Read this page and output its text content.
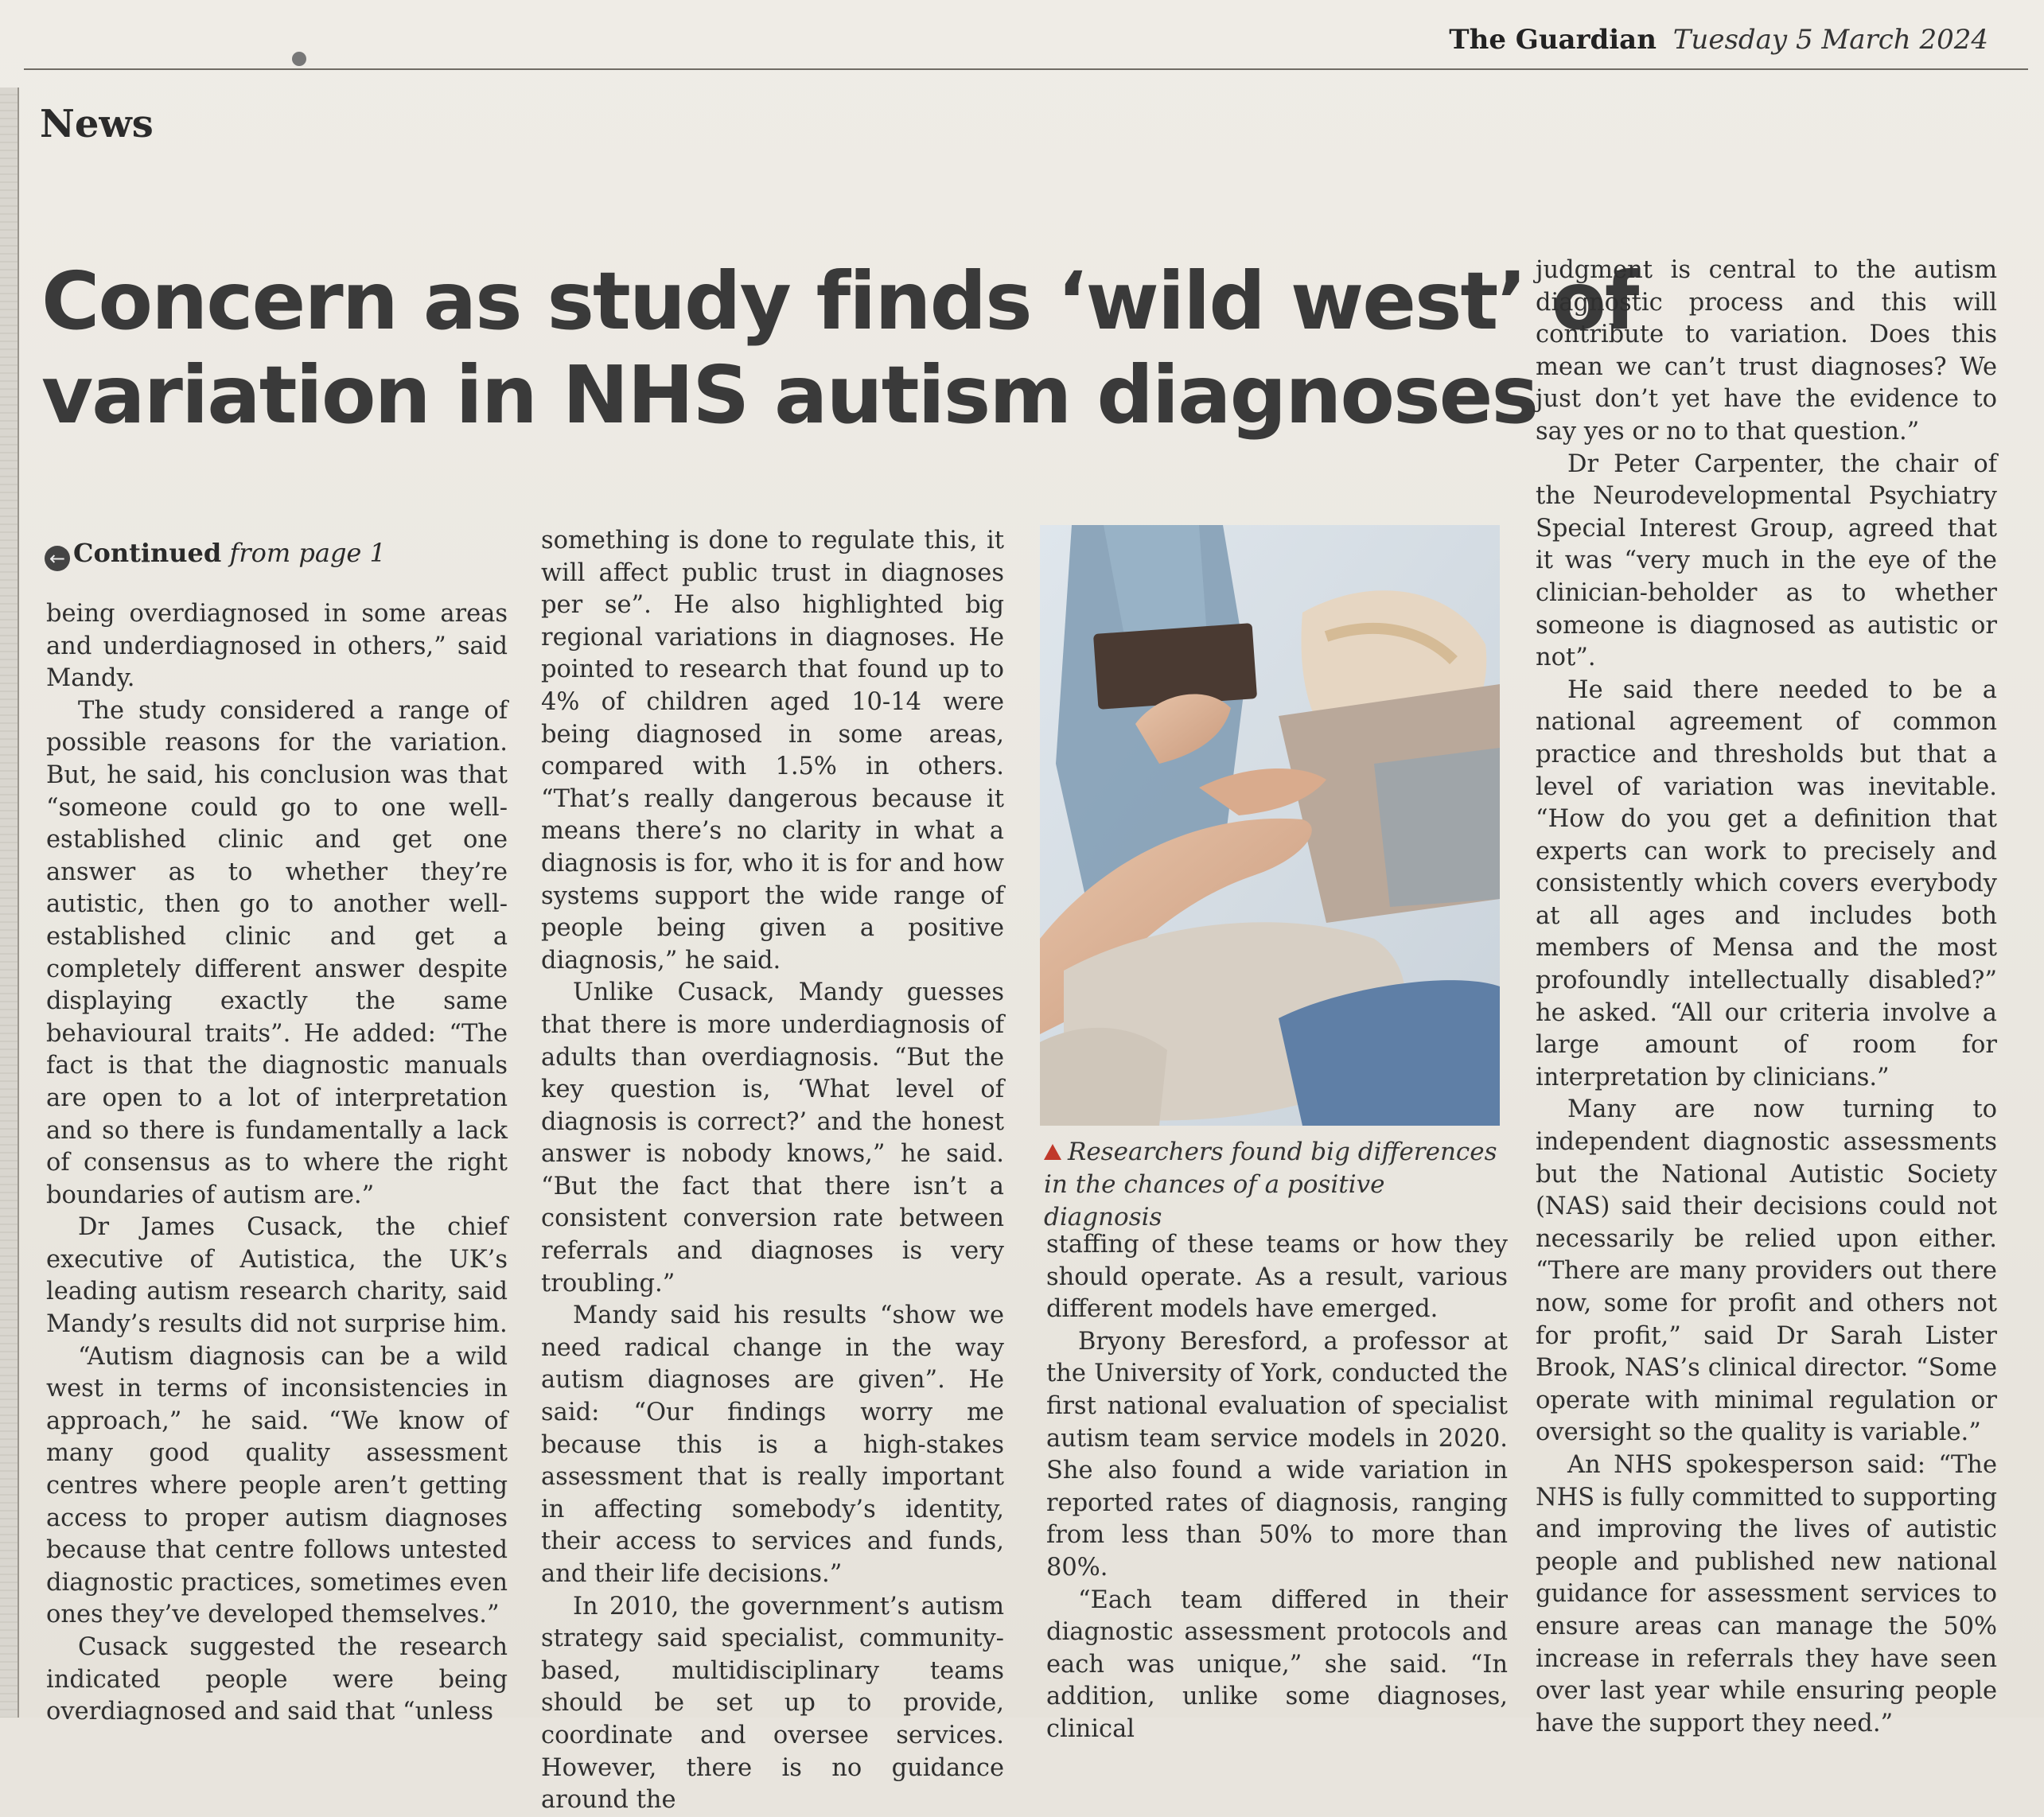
The Guardian Tuesday 5 March 2024
News
Concern as study finds ‘wild west’ of
variation in NHS autism diagnoses
← Continued from page 1

being overdiagnosed in some areas and underdiagnosed in others,” said Mandy.

The study considered a range of possible reasons for the variation. But, he said, his conclusion was that “someone could go to one well-established clinic and get one answer as to whether they’re autistic, then go to another well-established clinic and get a completely different answer despite displaying exactly the same behavioural traits”. He added: “The fact is that the diagnostic manuals are open to a lot of interpretation and so there is fundamentally a lack of consensus as to where the right boundaries of autism are.”

Dr James Cusack, the chief executive of Autistica, the UK’s leading autism research charity, said Mandy’s results did not surprise him.

“Autism diagnosis can be a wild west in terms of inconsistencies in approach,” he said. “We know of many good quality assessment centres where people aren’t getting access to proper autism diagnoses because that centre follows untested diagnostic practices, sometimes even ones they’ve developed themselves.”

Cusack suggested the research indicated people were being overdiagnosed and said that “unless

something is done to regulate this, it will affect public trust in diagnoses per se”. He also highlighted big regional variations in diagnoses. He pointed to research that found up to 4% of children aged 10-14 were being diagnosed in some areas, compared with 1.5% in others. “That’s really dangerous because it means there’s no clarity in what a diagnosis is for, who it is for and how systems support the wide range of people being given a positive diagnosis,” he said.

Unlike Cusack, Mandy guesses that there is more underdiagnosis of adults than overdiagnosis. “But the key question is, ‘What level of diagnosis is correct?’ and the honest answer is nobody knows,” he said. “But the fact that there isn’t a consistent conversion rate between referrals and diagnoses is very troubling.”

Mandy said his results “show we need radical change in the way autism diagnoses are given”. He said: “Our findings worry me because this is a high-stakes assessment that is really important in affecting somebody’s identity, their access to services and funds, and their life decisions.”

In 2010, the government’s autism strategy said specialist, community-based, multidisciplinary teams should be set up to provide, coordinate and oversee services. However, there is no guidance around the

Researchers found big differences in the chances of a positive diagnosis

staffing of these teams or how they should operate. As a result, various different models have emerged.

Bryony Beresford, a professor at the University of York, conducted the first national evaluation of specialist autism team service models in 2020. She also found a wide variation in reported rates of diagnosis, ranging from less than 50% to more than 80%.

“Each team differed in their diagnostic assessment protocols and each was unique,” she said. “In addition, unlike some diagnoses, clinical

judgment is central to the autism diagnostic process and this will contribute to variation. Does this mean we can’t trust diagnoses? We just don’t yet have the evidence to say yes or no to that question.”

Dr Peter Carpenter, the chair of the Neurodevelopmental Psychiatry Special Interest Group, agreed that it was “very much in the eye of the clinician-beholder as to whether someone is diagnosed as autistic or not”.

He said there needed to be a national agreement of common practice and thresholds but that a level of variation was inevitable. “How do you get a definition that experts can work to precisely and consistently which covers everybody at all ages and includes both members of Mensa and the most profoundly intellectually disabled?” he asked. “All our criteria involve a large amount of room for interpretation by clinicians.”

Many are now turning to independent diagnostic assessments but the National Autistic Society (NAS) said their decisions could not necessarily be relied upon either. “There are many providers out there now, some for profit and others not for profit,” said Dr Sarah Lister Brook, NAS’s clinical director. “Some operate with minimal regulation or oversight so the quality is variable.”

An NHS spokesperson said: “The NHS is fully committed to supporting and improving the lives of autistic people and published new national guidance for assessment services to ensure areas can manage the 50% increase in referrals they have seen over last year while ensuring people have the support they need.”
